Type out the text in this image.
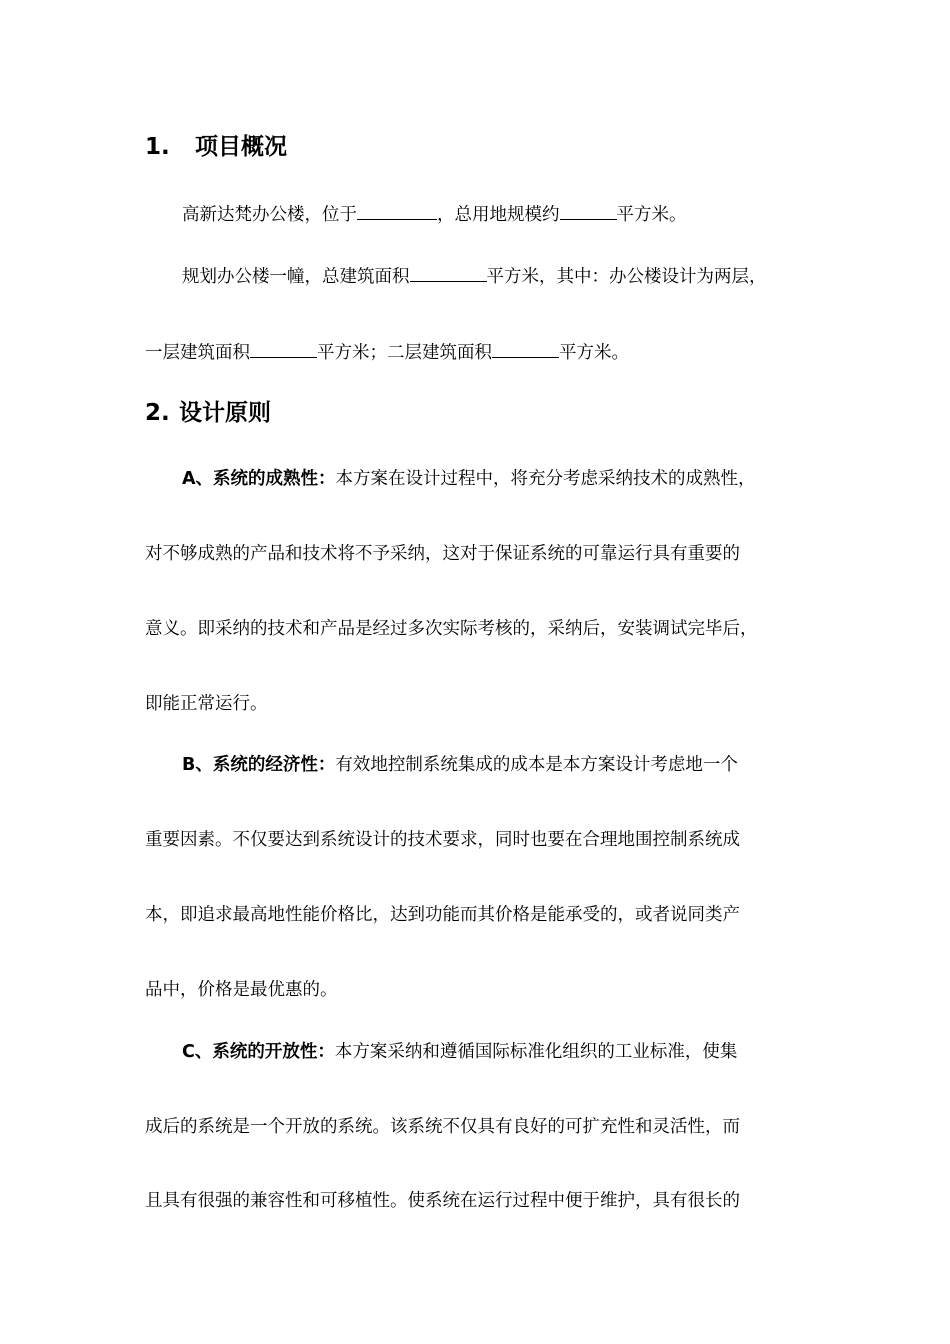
1. 项目概况
高新达梵办公楼，位于	，总用地规模约	平方米。
规划办公楼一幢，总建筑面积	平方米，其中：办公楼设计为两层，
一层建筑面积	平方米；二层建筑面积	平方米。
2. 设计原则
A、系统的成熟性：本方案在设计过程中，将充分考虑采纳技术的成熟性，
对不够成熟的产品和技术将不予采纳，这对于保证系统的可靠运行具有重要的
意义。即采纳的技术和产品是经过多次实际考核的，采纳后，安装调试完毕后，
即能正常运行。
B、系统的经济性：有效地控制系统集成的成本是本方案设计考虑地一个
重要因素。不仅要达到系统设计的技术要求，同时也要在合理地围控制系统成
本，即追求最高地性能价格比，达到功能而其价格是能承受的，或者说同类产
品中，价格是最优惠的。
C、系统的开放性：本方案采纳和遵循国际标准化组织的工业标准，使集
成后的系统是一个开放的系统。该系统不仅具有良好的可扩充性和灵活性，而
且具有很强的兼容性和可移植性。使系统在运行过程中便于维护，具有很长的
